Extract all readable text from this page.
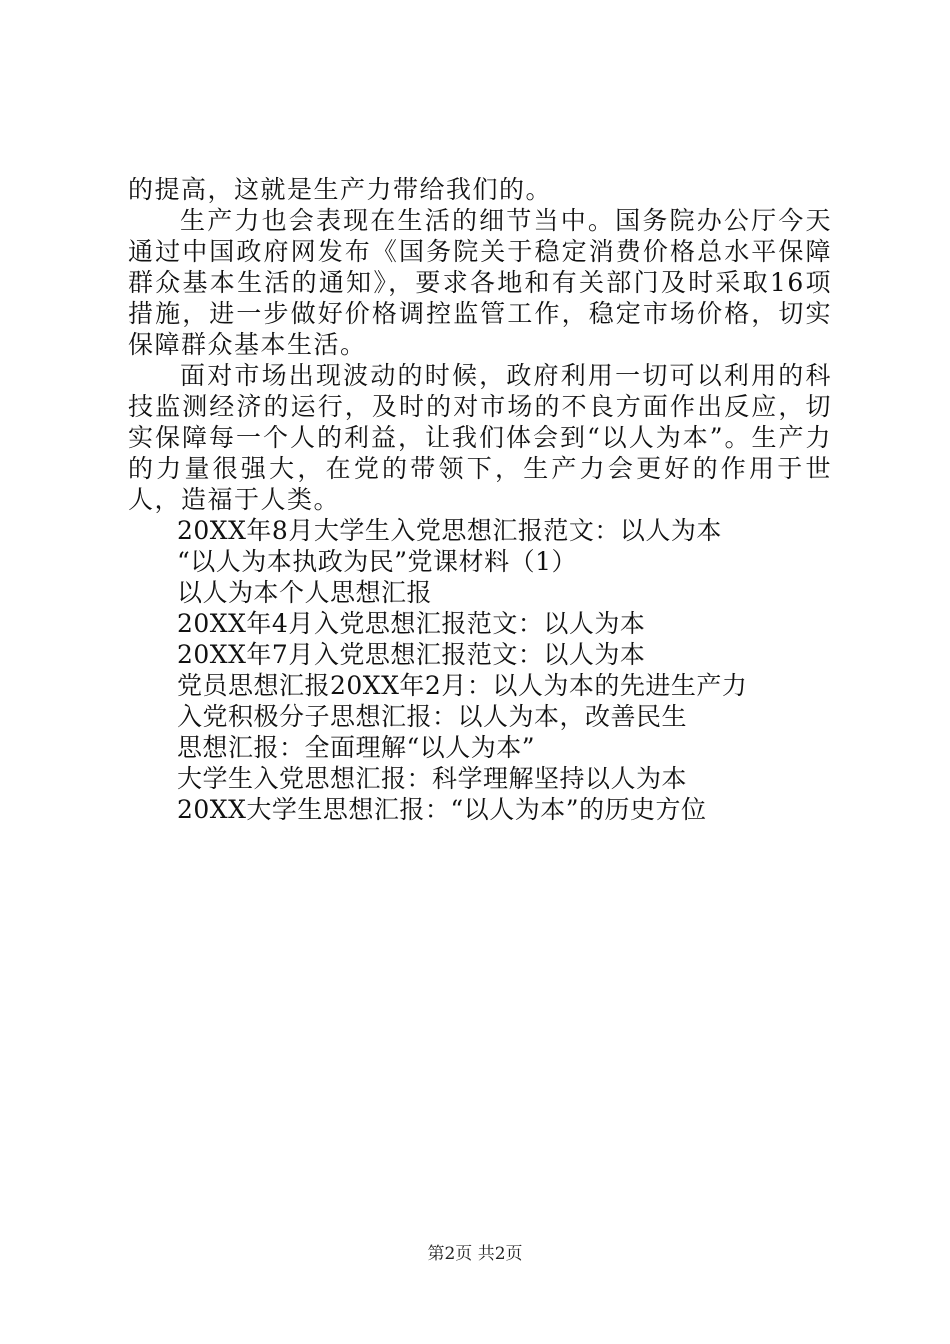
的提高，这就是生产力带给我们的。

生产力也会表现在生活的细节当中。国务院办公厅今天通过中国政府网发布《国务院关于稳定消费价格总水平保障群众基本生活的通知》，要求各地和有关部门及时采取16项措施，进一步做好价格调控监管工作，稳定市场价格，切实保障群众基本生活。

面对市场出现波动的时候，政府利用一切可以利用的科技监测经济的运行，及时的对市场的不良方面作出反应，切实保障每一个人的利益，让我们体会到“以人为本”。生产力的力量很强大，在党的带领下，生产力会更好的作用于世人，造福于人类。

20XX年8月大学生入党思想汇报范文：以人为本
“以人为本执政为民”党课材料（1）
以人为本个人思想汇报
20XX年4月入党思想汇报范文：以人为本
20XX年7月入党思想汇报范文：以人为本
党员思想汇报20XX年2月：以人为本的先进生产力
入党积极分子思想汇报：以人为本，改善民生
思想汇报：全面理解“以人为本”
大学生入党思想汇报：科学理解坚持以人为本
20XX大学生思想汇报：“以人为本”的历史方位
第2页 共2页
